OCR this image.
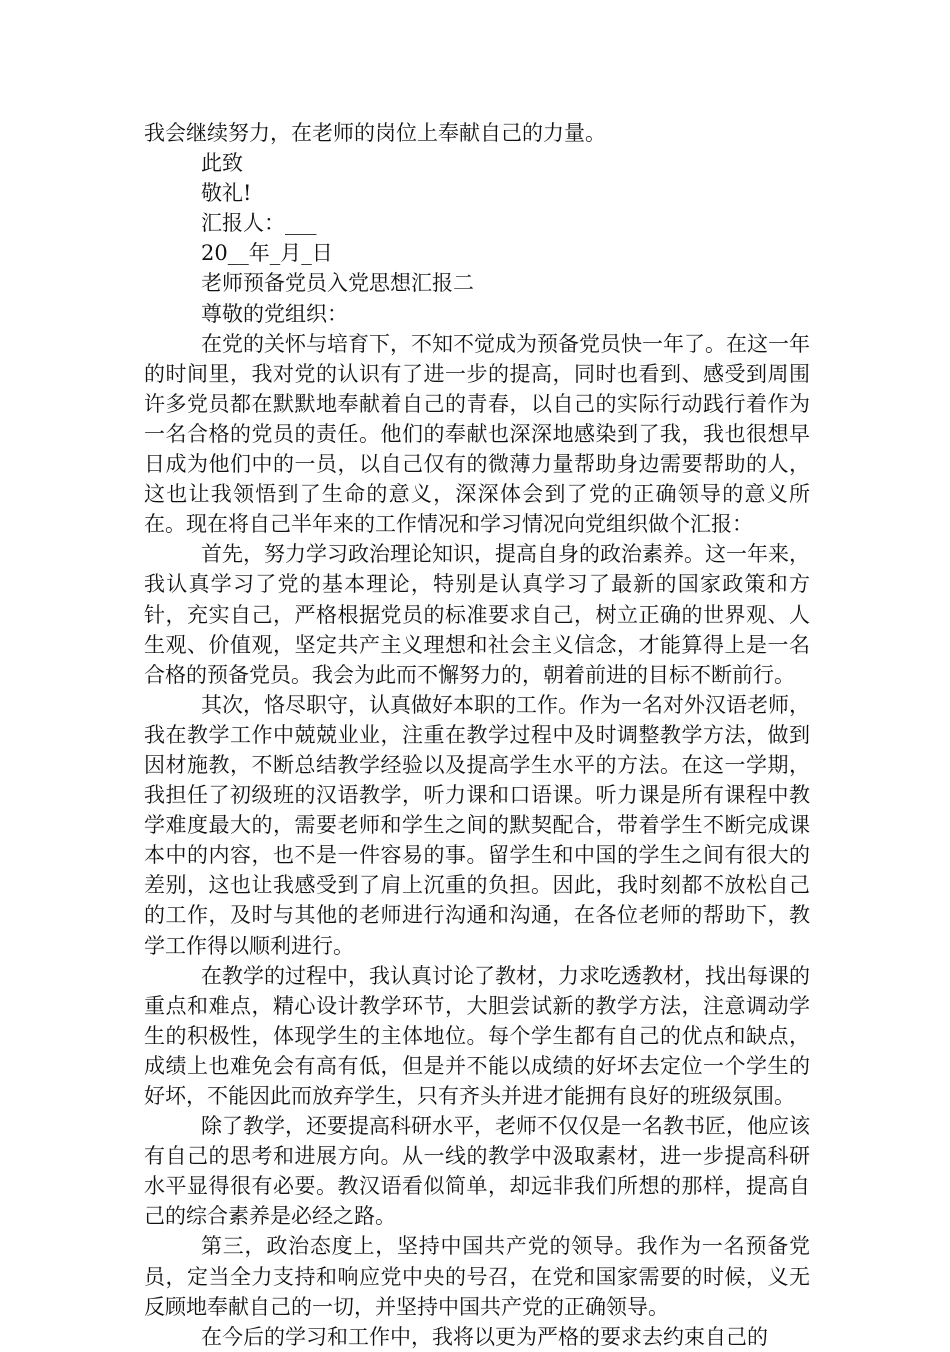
我会继续努力，在老师的岗位上奉献自己的力量。

此致

敬礼!

汇报人：___

20__年_月_日

老师预备党员入党思想汇报二

尊敬的党组织：

在党的关怀与培育下，不知不觉成为预备党员快一年了。在这一年的时间里，我对党的认识有了进一步的提高，同时也看到、感受到周围许多党员都在默默地奉献着自己的青春，以自己的实际行动践行着作为一名合格的党员的责任。他们的奉献也深深地感染到了我，我也很想早日成为他们中的一员，以自己仅有的微薄力量帮助身边需要帮助的人，这也让我领悟到了生命的意义，深深体会到了党的正确领导的意义所在。现在将自己半年来的工作情况和学习情况向党组织做个汇报：

首先，努力学习政治理论知识，提高自身的政治素养。这一年来，我认真学习了党的基本理论，特别是认真学习了最新的国家政策和方针，充实自己，严格根据党员的标准要求自己，树立正确的世界观、人生观、价值观，坚定共产主义理想和社会主义信念，才能算得上是一名合格的预备党员。我会为此而不懈努力的，朝着前进的目标不断前行。

其次，恪尽职守，认真做好本职的工作。作为一名对外汉语老师，我在教学工作中兢兢业业，注重在教学过程中及时调整教学方法，做到因材施教，不断总结教学经验以及提高学生水平的方法。在这一学期，我担任了初级班的汉语教学，听力课和口语课。听力课是所有课程中教学难度最大的，需要老师和学生之间的默契配合，带着学生不断完成课本中的内容，也不是一件容易的事。留学生和中国的学生之间有很大的差别，这也让我感受到了肩上沉重的负担。因此，我时刻都不放松自己的工作，及时与其他的老师进行沟通和沟通，在各位老师的帮助下，教学工作得以顺利进行。

在教学的过程中，我认真讨论了教材，力求吃透教材，找出每课的重点和难点，精心设计教学环节，大胆尝试新的教学方法，注意调动学生的积极性，体现学生的主体地位。每个学生都有自己的优点和缺点，成绩上也难免会有高有低，但是并不能以成绩的好坏去定位一个学生的好坏，不能因此而放弃学生，只有齐头并进才能拥有良好的班级氛围。

除了教学，还要提高科研水平，老师不仅仅是一名教书匠，他应该有自己的思考和进展方向。从一线的教学中汲取素材，进一步提高科研水平显得很有必要。教汉语看似简单，却远非我们所想的那样，提高自己的综合素养是必经之路。

第三，政治态度上，坚持中国共产党的领导。我作为一名预备党员，定当全力支持和响应党中央的号召，在党和国家需要的时候，义无反顾地奉献自己的一切，并坚持中国共产党的正确领导。

在今后的学习和工作中，我将以更为严格的要求去约束自己的
